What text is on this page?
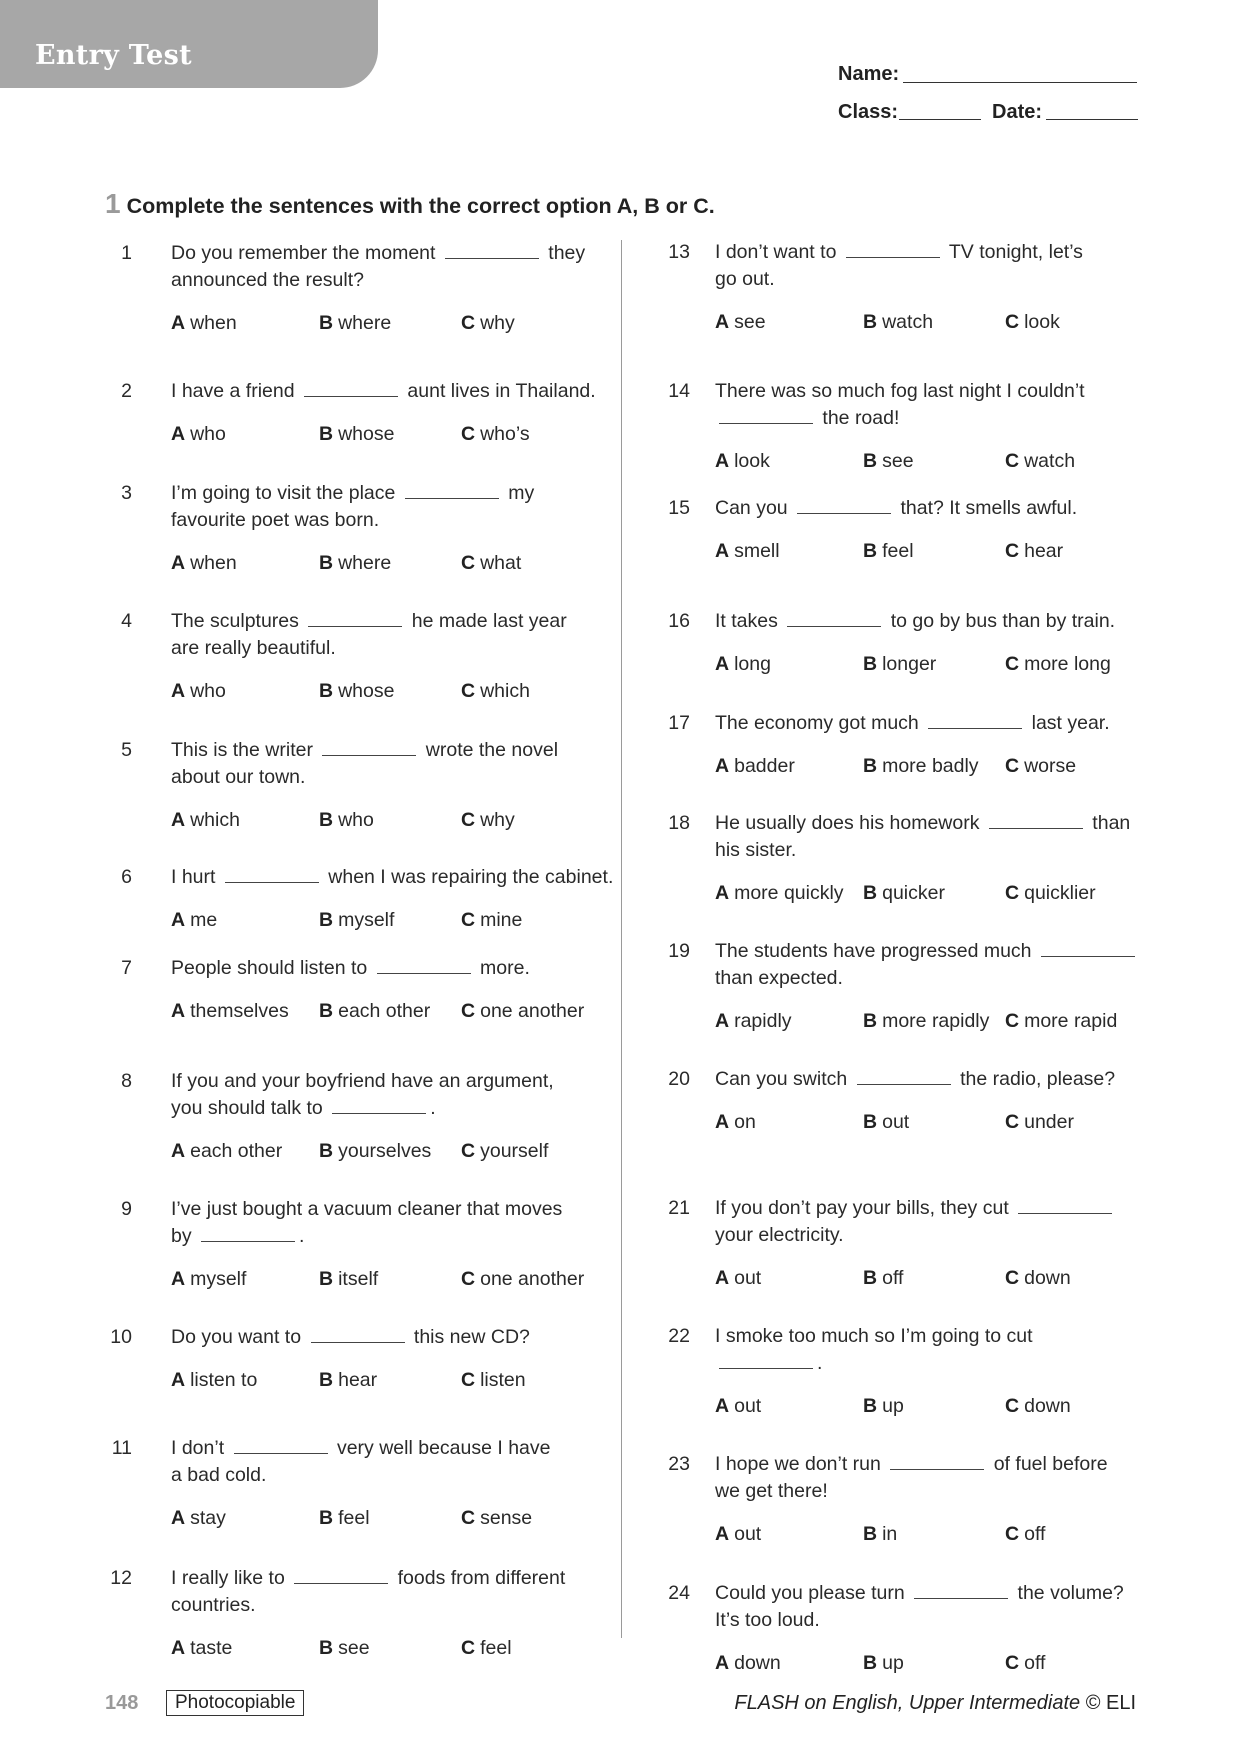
Entry Test
Name:
Class:	Date:
1 Complete the sentences with the correct option A, B or C.
1 Do you remember the moment	they
announced the result?
A when	B where	C why
2 I have a friend	aunt lives in Thailand.
A who	B whose	C who’s
3 I’m going to visit the place	my
favourite poet was born.
A when	B where	C what
4 The sculptures	he made last year
are really beautiful.
A who	B whose	C which
5 This is the writer	wrote the novel
about our town.
A which	B who	C why
6 I hurt	when I was repairing the cabinet.
A me	B myself	C mine
7 People should listen to	more.
A themselves B each other C one another
8 If you and your boyfriend have an argument,
you should talk to	.
A each other B yourselves C yourself
9 I’ve just bought a vacuum cleaner that moves
by	.
A myself	B itself	C one another
10 Do you want to	this new CD?
A listen to	B hear	C listen
11 I don’t	very well because I have
a bad cold.
A stay	B feel	C sense
12 I really like to	foods from different
countries.
A taste	B see	C feel
13 I don’t want to	TV tonight, let’s
go out.
A see	B watch	C look
14 There was so much fog last night I couldn’t
the road!
A look	B see	C watch
15 Can you	that? It smells awful.
A smell	B feel	C hear
16 It takes	to go by bus than by train.
A long	B longer	C more long
17 The economy got much	last year.
A badder	B more badly C worse
18 He usually does his homework	than
his sister.
A more quickly B quicker	C quicklier
19 The students have progressed much
than expected.
A rapidly	B more rapidly C more rapid
20 Can you switch	the radio, please?
A on	B out	C under
21 If you don’t pay your bills, they cut
your electricity.
A out	B off	C down
22 I smoke too much so I’m going to cut
.
A out	B up	C down
23 I hope we don’t run	of fuel before
we get there!
A out	B in	C off
24 Could you please turn	the volume?
It’s too loud.
A down	B up	C off
148	Photocopiable	FLASH on English, Upper Intermediate © ELI
